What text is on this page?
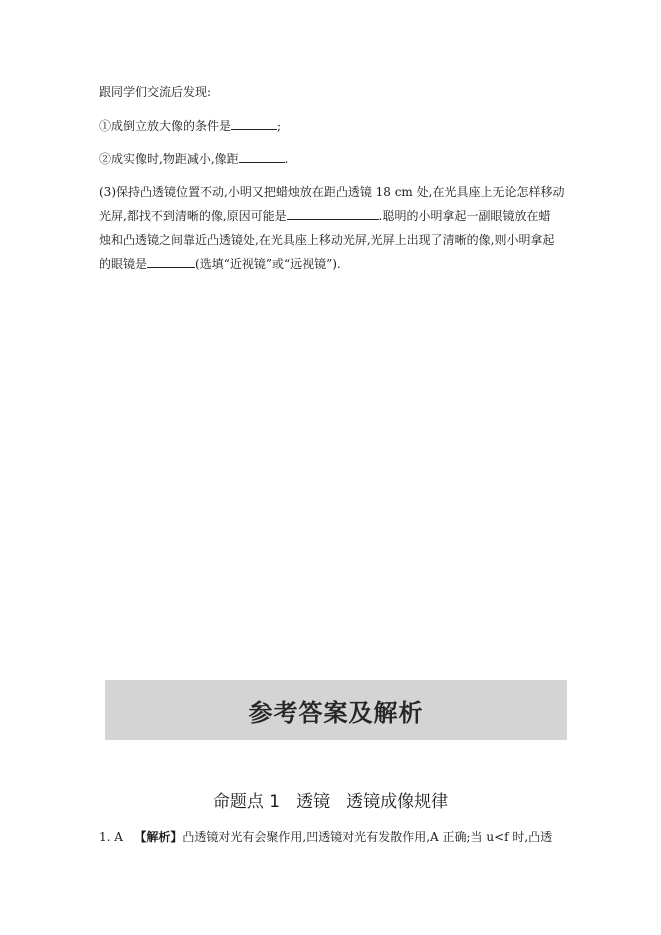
跟同学们交流后发现:
①成倒立放大像的条件是	;
②成实像时,物距减小,像距	.
(3)保持凸透镜位置不动,小明又把蜡烛放在距凸透镜 18 cm 处,在光具座上无论怎样移动
光屏,都找不到清晰的像,原因可能是	.聪明的小明拿起一副眼镜放在蜡
烛和凸透镜之间靠近凸透镜处,在光具座上移动光屏,光屏上出现了清晰的像,则小明拿起
的眼镜是	(选填“近视镜”或“远视镜”).
参考答案及解析
命题点 1 透镜 透镜成像规律
1. A 【解析】凸透镜对光有会聚作用,凹透镜对光有发散作用,A 正确;当 u<f 时,凸透
